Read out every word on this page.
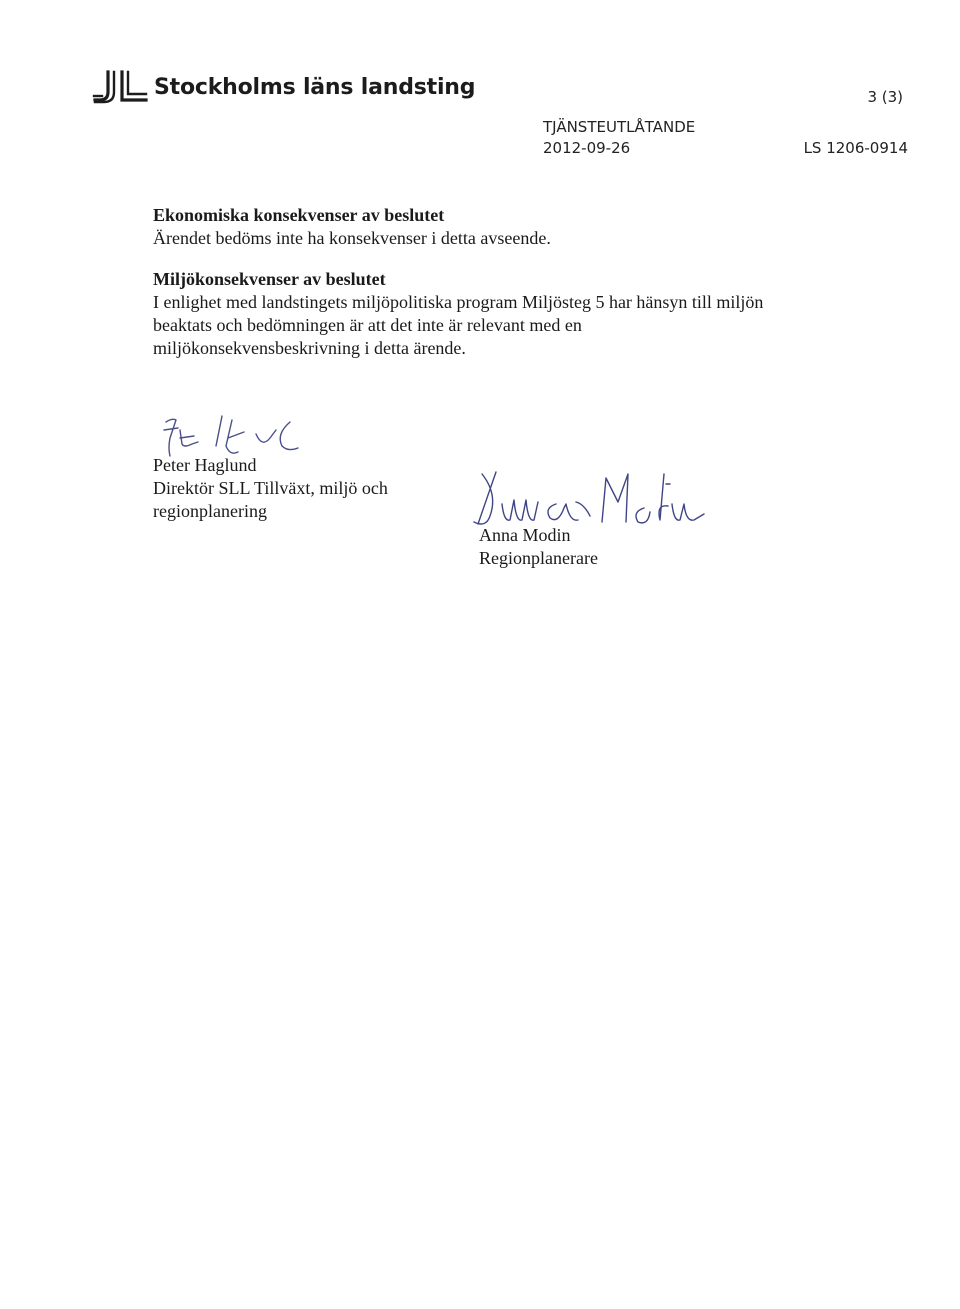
Stockholms läns landsting	3 (3)
TJÄNSTEUTLÅTANDE
2012-09-26	LS 1206-0914

Ekonomiska konsekvenser av beslutet

Ärendet bedöms inte ha konsekvenser i detta avseende.

Miljökonsekvenser av beslutet

I enlighet med landstingets miljöpolitiska program Miljösteg 5 har hänsyn till miljön beaktats och bedömningen är att det inte är relevant med en miljökonsekvensbeskrivning i detta ärende.

Peter Haglund
Direktör SLL Tillväxt, miljö och regionplanering
Anna Modin
Regionplanerare
